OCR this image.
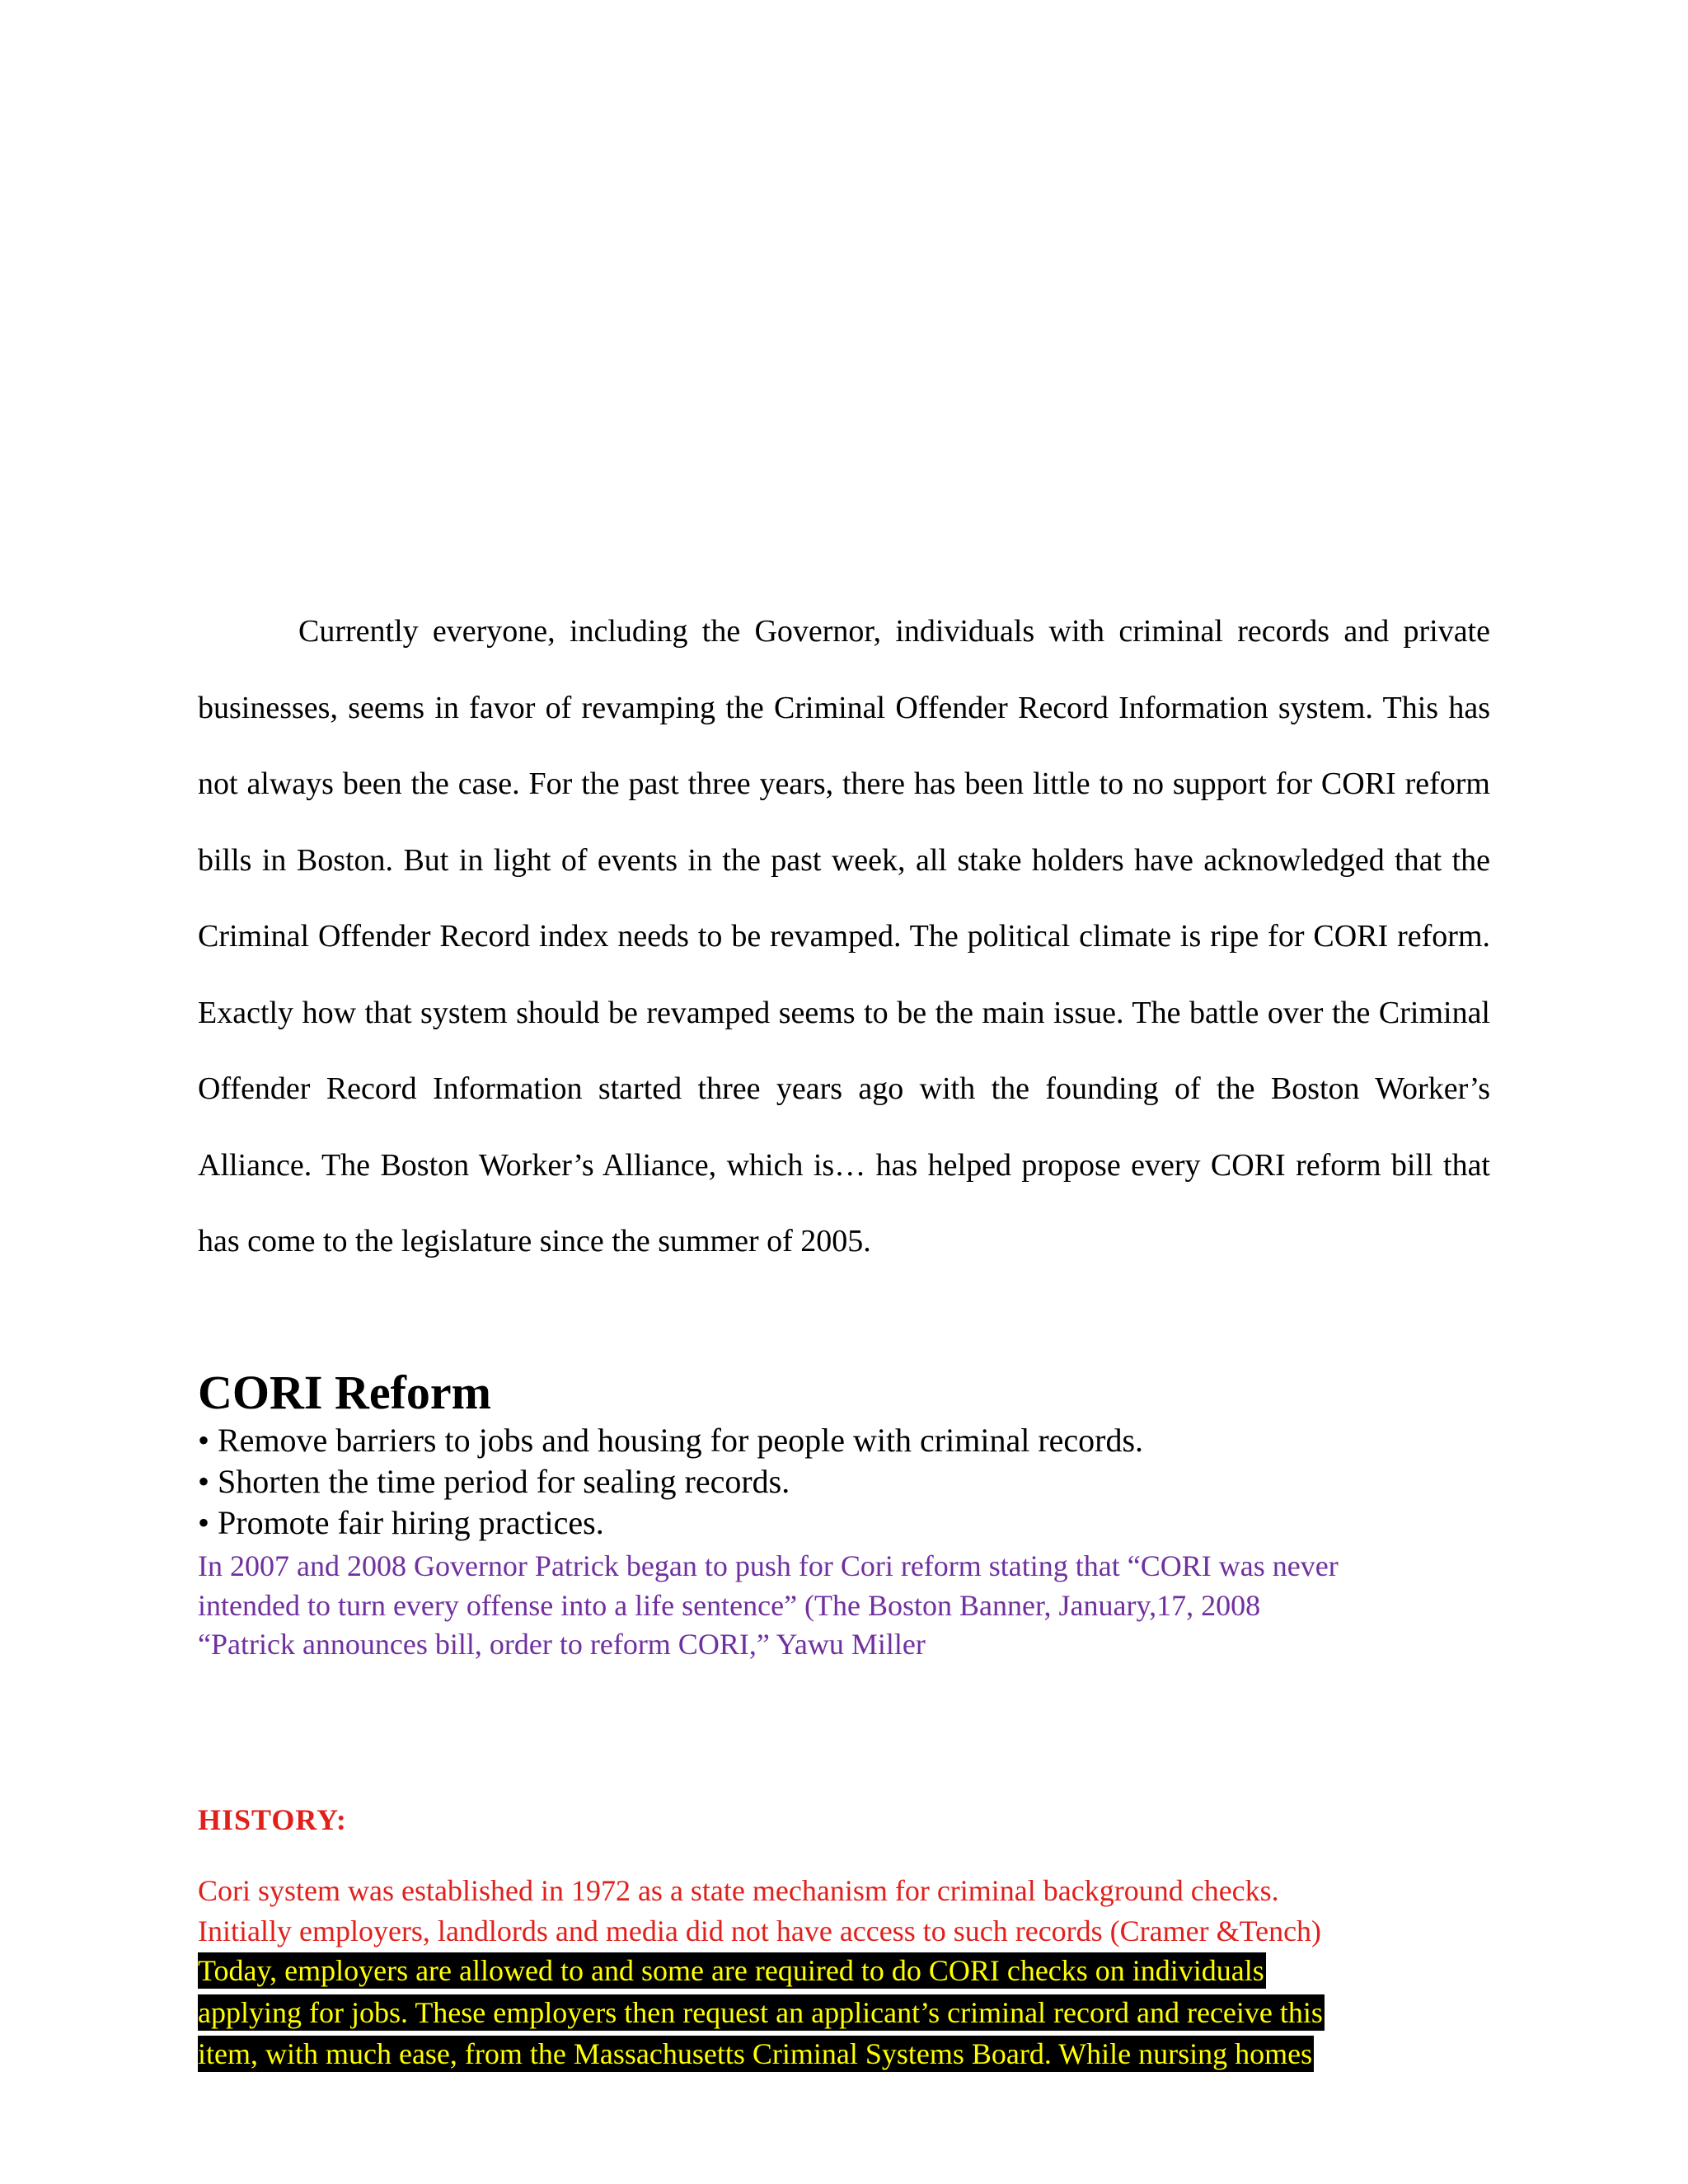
Currently everyone, including the Governor, individuals with criminal records and private businesses, seems in favor of revamping the Criminal Offender Record Information system. This has not always been the case. For the past three years, there has been little to no support for CORI reform bills in Boston. But in light of events in the past week, all stake holders have acknowledged that the Criminal Offender Record index needs to be revamped. The political climate is ripe for CORI reform. Exactly how that system should be revamped seems to be the main issue. The battle over the Criminal Offender Record Information started three years ago with the founding of the Boston Worker’s Alliance. The Boston Worker’s Alliance, which is… has helped propose every CORI reform bill that has come to the legislature since the summer of 2005.

CORI Reform
• Remove barriers to jobs and housing for people with criminal records.
• Shorten the time period for sealing records.
• Promote fair hiring practices.

In 2007 and 2008 Governor Patrick began to push for Cori reform stating that “CORI was never
intended to turn every offense into a life sentence” (The Boston Banner, January,17, 2008
“Patrick announces bill, order to reform CORI,” Yawu Miller

HISTORY:
Cori system was established in 1972 as a state mechanism for criminal background checks.
Initially employers, landlords and media did not have access to such records (Cramer &Tench)
Today, employers are allowed to and some are required to do CORI checks on individuals
applying for jobs. These employers then request an applicant’s criminal record and receive this
item, with much ease, from the Massachusetts Criminal Systems Board. While nursing homes
